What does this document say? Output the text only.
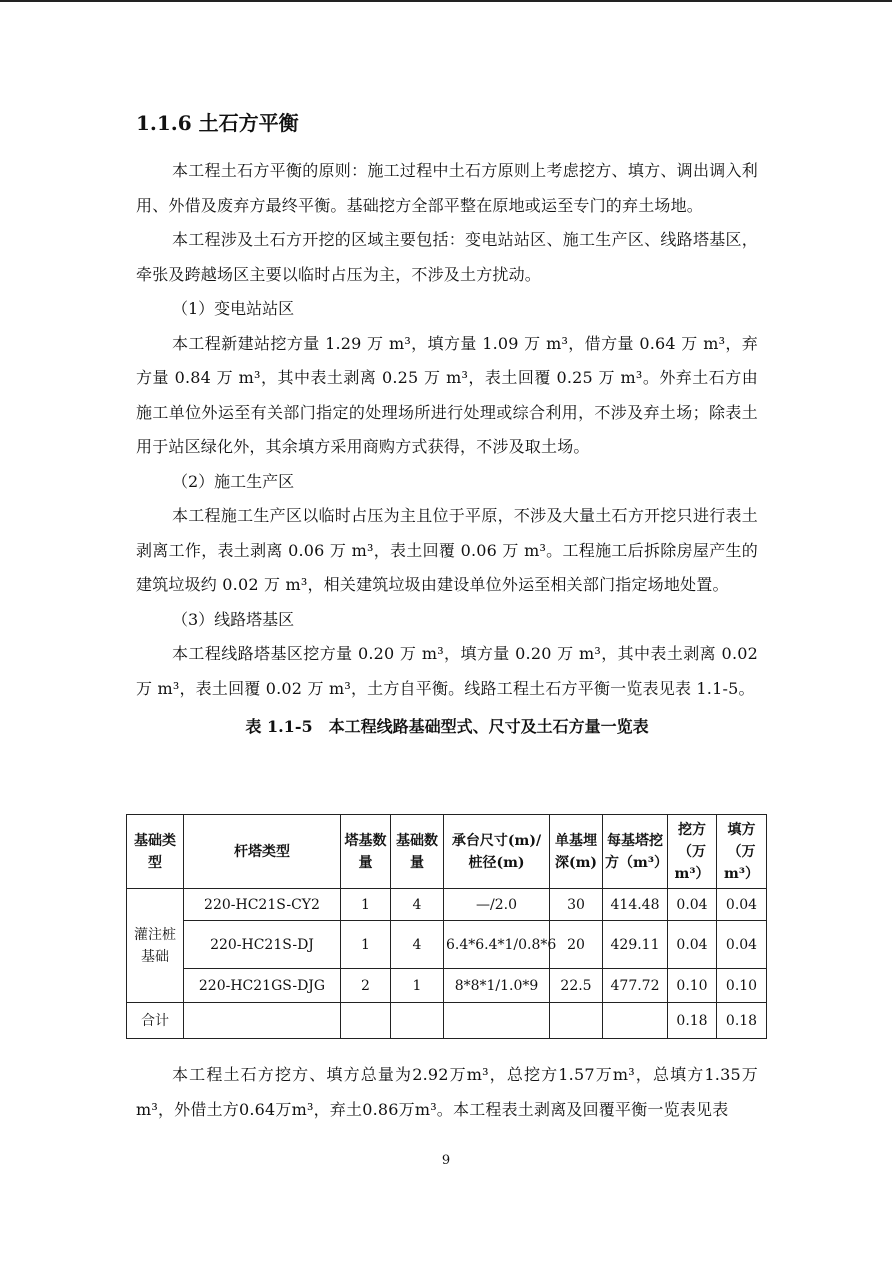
1.1.6 土石方平衡

本工程土石方平衡的原则：施工过程中土石方原则上考虑挖方、填方、调出调入利用、外借及废弃方最终平衡。基础挖方全部平整在原地或运至专门的弃土场地。

本工程涉及土石方开挖的区域主要包括：变电站站区、施工生产区、线路塔基区，牵张及跨越场区主要以临时占压为主，不涉及土方扰动。

（1）变电站站区

本工程新建站挖方量 1.29 万 m³，填方量 1.09 万 m³，借方量 0.64 万 m³，弃方量 0.84 万 m³，其中表土剥离 0.25 万 m³，表土回覆 0.25 万 m³。外弃土石方由施工单位外运至有关部门指定的处理场所进行处理或综合利用，不涉及弃土场；除表土用于站区绿化外，其余填方采用商购方式获得，不涉及取土场。

（2）施工生产区

本工程施工生产区以临时占压为主且位于平原，不涉及大量土石方开挖只进行表土剥离工作，表土剥离 0.06 万 m³，表土回覆 0.06 万 m³。工程施工后拆除房屋产生的建筑垃圾约 0.02 万 m³，相关建筑垃圾由建设单位外运至相关部门指定场地处置。

（3）线路塔基区

本工程线路塔基区挖方量 0.20 万 m³，填方量 0.20 万 m³，其中表土剥离 0.02 万 m³，表土回覆 0.02 万 m³，土方自平衡。线路工程土石方平衡一览表见表 1.1-5。

表 1.1-5　本工程线路基础型式、尺寸及土石方量一览表
基础类型	杆塔类型	塔基数量	基础数量	承台尺寸(m)/桩径(m)	单基埋深(m)	每基塔挖方（m³）	挖方（万m³）	填方（万m³）
灌注桩基础	220-HC21S-CY2	1	4	—/2.0	30	414.48	0.04	0.04
	220-HC21S-DJ	1	4	6.4*6.4*1/0.8*6	20	429.11	0.04	0.04
	220-HC21GS-DJG	2	1	8*8*1/1.0*9	22.5	477.72	0.10	0.10
合计							0.18	0.18

本工程土石方挖方、填方总量为2.92万m³，总挖方1.57万m³，总填方1.35万m³，外借土方0.64万m³，弃土0.86万m³。本工程表土剥离及回覆平衡一览表见表

9
